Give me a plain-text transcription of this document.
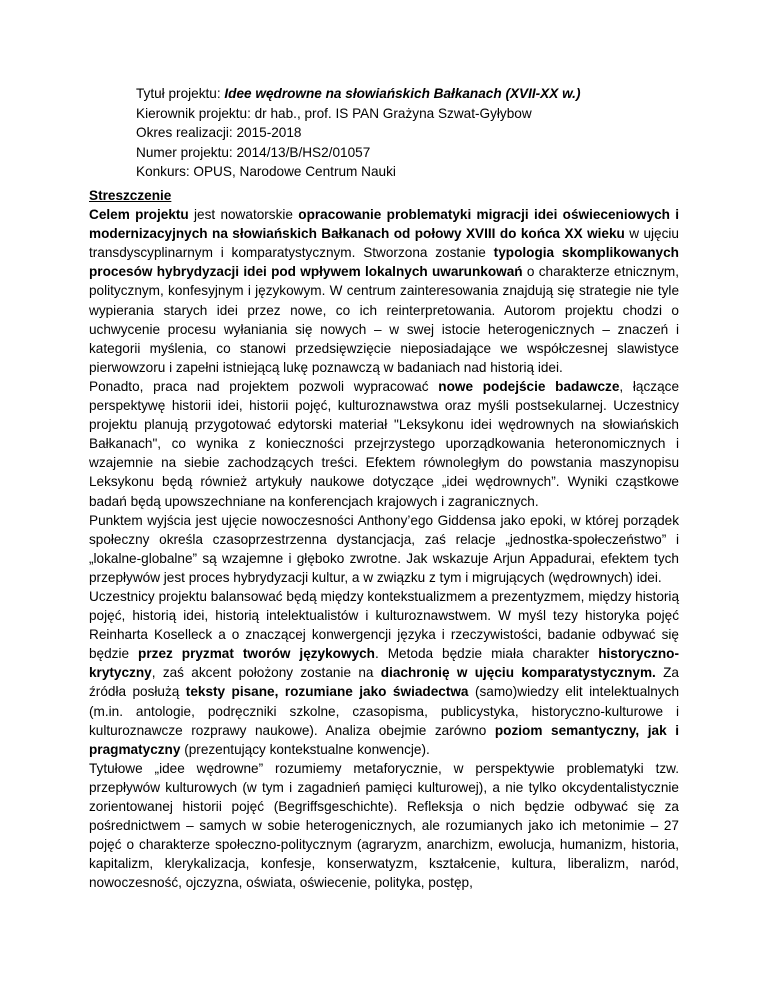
Tytuł projektu: Idee wędrowne na słowiańskich Bałkanach (XVII-XX w.)
Kierownik projektu: dr hab., prof. IS PAN Grażyna Szwat-Gyłybow
Okres realizacji: 2015-2018
Numer projektu: 2014/13/B/HS2/01057
Konkurs: OPUS, Narodowe Centrum Nauki

Streszczenie

Celem projektu jest nowatorskie opracowanie problematyki migracji idei oświeceniowych i modernizacyjnych na słowiańskich Bałkanach od połowy XVIII do końca XX wieku w ujęciu transdyscyplinarnym i komparatystycznym. Stworzona zostanie typologia skomplikowanych procesów hybrydyzacji idei pod wpływem lokalnych uwarunkowań o charakterze etnicznym, politycznym, konfesyjnym i językowym. W centrum zainteresowania znajdują się strategie nie tyle wypierania starych idei przez nowe, co ich reinterpretowania. Autorom projektu chodzi o uchwycenie procesu wyłaniania się nowych – w swej istocie heterogenicznych – znaczeń i kategorii myślenia, co stanowi przedsięwzięcie nieposiadające we współczesnej slawistyce pierwowzoru i zapełni istniejącą lukę poznawczą w badaniach nad historią idei.

Ponadto, praca nad projektem pozwoli wypracować nowe podejście badawcze, łączące perspektywę historii idei, historii pojęć, kulturoznawstwa oraz myśli postsekularnej. Uczestnicy projektu planują przygotować edytorski materiał "Leksykonu idei wędrownych na słowiańskich Bałkanach", co wynika z konieczności przejrzystego uporządkowania heteronomicznych i wzajemnie na siebie zachodzących treści. Efektem równoległym do powstania maszynopisu Leksykonu będą również artykuły naukowe dotyczące „idei wędrownych”. Wyniki cząstkowe badań będą upowszechniane na konferencjach krajowych i zagranicznych.

Punktem wyjścia jest ujęcie nowoczesności Anthony’ego Giddensa jako epoki, w której porządek społeczny określa czasoprzestrzenna dystancjacja, zaś relacje „jednostka-społeczeństwo” i „lokalne-globalne” są wzajemne i głęboko zwrotne. Jak wskazuje Arjun Appadurai, efektem tych przepływów jest proces hybrydyzacji kultur, a w związku z tym i migrujących (wędrownych) idei.

Uczestnicy projektu balansować będą między kontekstualizmem a prezentyzmem, między historią pojęć, historią idei, historią intelektualistów i kulturoznawstwem. W myśl tezy historyka pojęć Reinharta Koselleck a o znaczącej konwergencji języka i rzeczywistości, badanie odbywać się będzie przez pryzmat tworów językowych. Metoda będzie miała charakter historyczno-krytyczny, zaś akcent położony zostanie na diachronię w ujęciu komparatystycznym. Za źródła posłużą teksty pisane, rozumiane jako świadectwa (samo)wiedzy elit intelektualnych (m.in. antologie, podręczniki szkolne, czasopisma, publicystyka, historyczno-kulturowe i kulturoznawcze rozprawy naukowe). Analiza obejmie zarówno poziom semantyczny, jak i pragmatyczny (prezentujący kontekstualne konwencje).

Tytułowe „idee wędrowne” rozumiemy metaforycznie, w perspektywie problematyki tzw. przepływów kulturowych (w tym i zagadnień pamięci kulturowej), a nie tylko okcydentalistycznie zorientowanej historii pojęć (Begriffsgeschichte). Refleksja o nich będzie odbywać się za pośrednictwem – samych w sobie heterogenicznych, ale rozumianych jako ich metonimie – 27 pojęć o charakterze społeczno-politycznym (agraryzm, anarchizm, ewolucja, humanizm, historia, kapitalizm, klerykalizacja, konfesje, konserwatyzm, kształcenie, kultura, liberalizm, naród, nowoczesność, ojczyzna, oświata, oświecenie, polityka, postęp,
